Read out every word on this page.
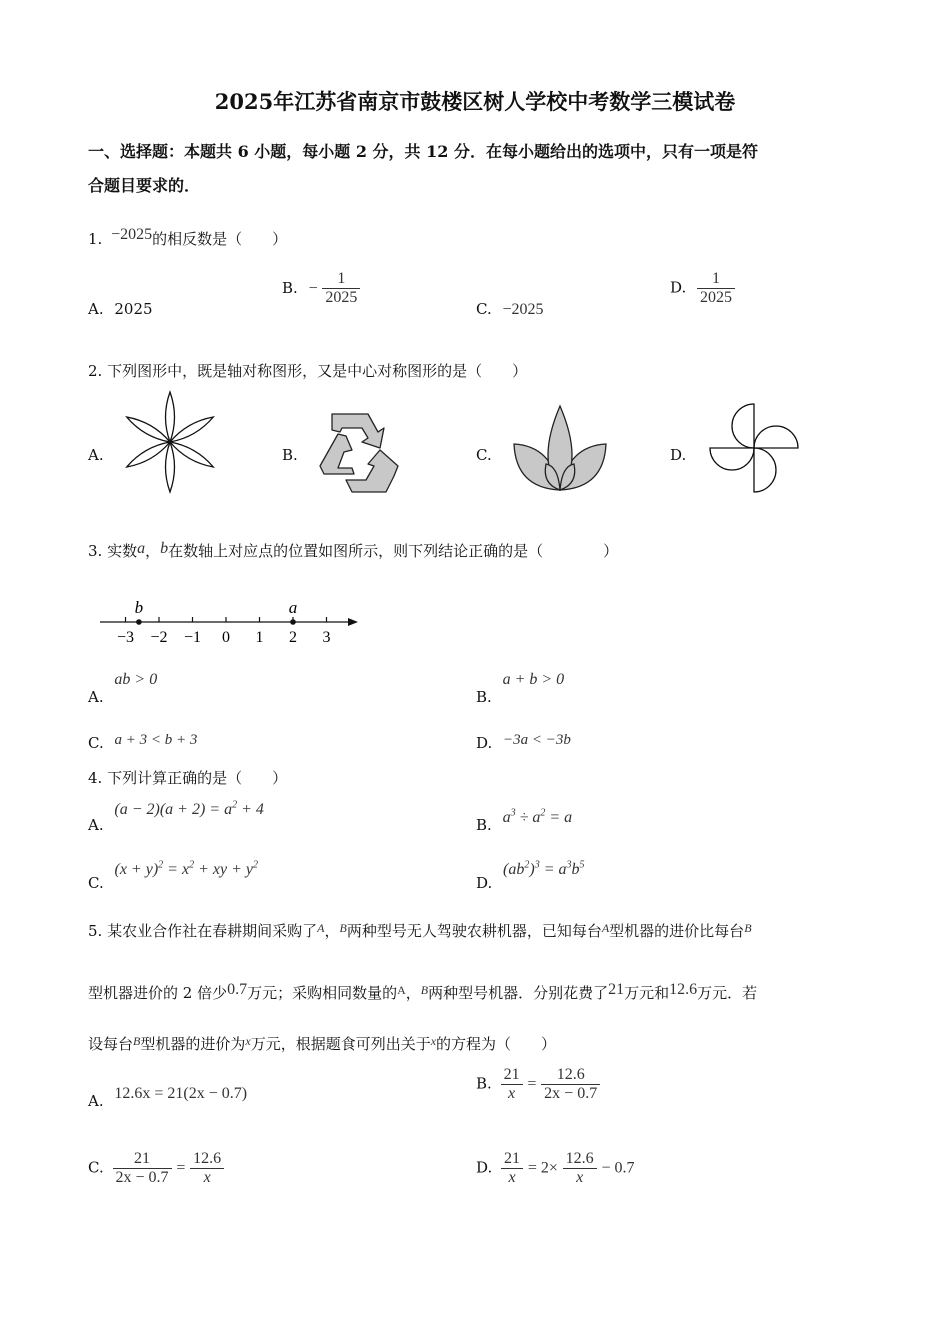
2025年江苏省南京市鼓楼区树人学校中考数学三模试卷
一、选择题：本题共 6 小题，每小题 2 分，共 12 分．在每小题给出的选项中，只有一项是符
合题目要求的．
1. −2025的相反数是（　　）
A. 2025
B. − $\frac{1}{2025}$
C. −2025
D. $\frac{1}{2025}$
2. 下列图形中，既是轴对称图形，又是中心对称图形的是（　　）
A.	B.	C.	D.
3. 实数a，b在数轴上对应点的位置如图所示，则下列结论正确的是（　　　　）
−3 −2 −1 0 1 2 3
b	a
A. ab > 0
B. a + b > 0
C. a + 3 < b + 3	D. −3a < −3b
4. 下列计算正确的是（　　）
A. $(a - 2)(a + 2) = a^2 + 4$
B. $a^3 \div a^2 = a$
C. $(x + y)^2 = x^2$ + xy + $y^2$
D. $(ab^2)^3 = a^3b^5$
5. 某农业合作社在春耕期间采购了$^A$，$^B$两种型号无人驾驶农耕机器，已知每台$^A$型机器的进价比每台$^B$
型机器进价的 2 倍少0.7万元；采购相同数量的$^A$，$^B$两种型号机器．分别花费了21万元和12.6万元．若
设每台$^B$型机器的进价为$^x$万元，根据题食可列出关于$^x$的方程为（　　）
A. 12.6x = 21(2x − 0.7)
B. $\frac{21}{x} = \frac{12.6}{2x - 0.7}$
C. $\frac{21}{2x - 0.7} = \frac{12.6}{x}$	D. $\frac{21}{x} = 2\times \frac{12.6}{x} - 0.7$
